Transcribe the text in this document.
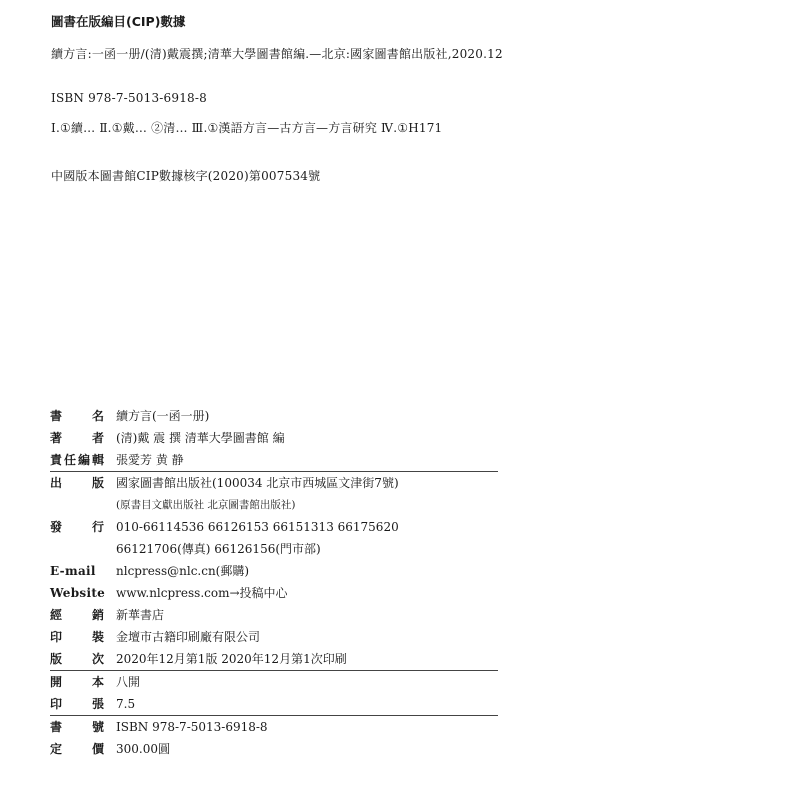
圖書在版編目(CIP)數據
續方言:一函一册/(清)戴震撰;清華大學圖書館編.—北京:國家圖書館出版社,2020.12
ISBN 978-7-5013-6918-8
Ⅰ.①續… Ⅱ.①戴… ②清… Ⅲ.①漢語方言—古方言—方言研究 Ⅳ.①H171
中國版本圖書館CIP數據核字(2020)第007534號
書名 續方言(一函一册)
著者 (清)戴 震 撰 清華大學圖書館 編
責任編輯 張愛芳 黄 静
出版 國家圖書館出版社(100034 北京市西城區文津街7號)
(原書目文獻出版社 北京圖書館出版社)
發行 010-66114536 66126153 66151313 66175620
66121706(傳真) 66126156(門市部)
E-mail	nlcpress@nlc.cn(郵購)
Website www.nlcpress.com→投稿中心
經銷 新華書店
印裝 金壇市古籍印刷廠有限公司
版次 2020年12月第1版 2020年12月第1次印刷
開本 八開
印張 7.5
書號 ISBN 978-7-5013-6918-8
定價 300.00圓
